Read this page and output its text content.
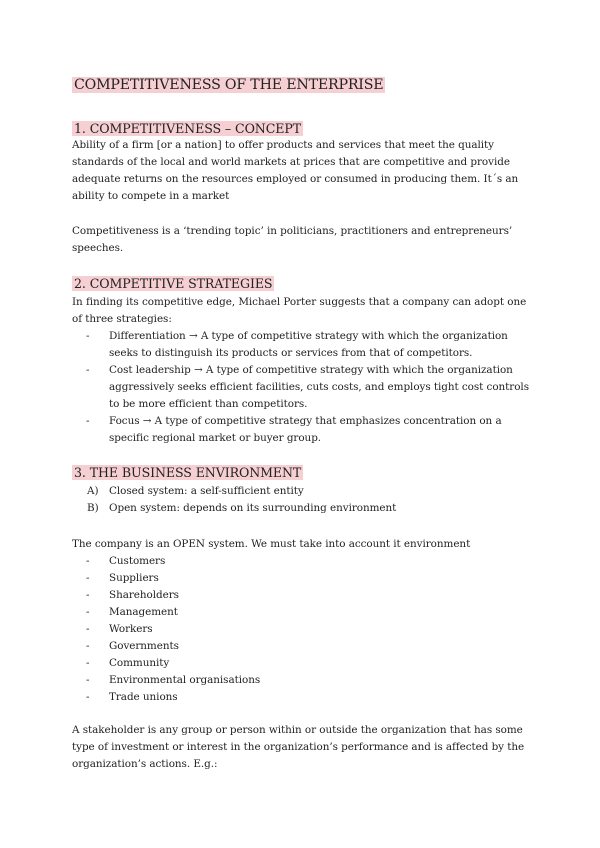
COMPETITIVENESS OF THE ENTERPRISE
1. COMPETITIVENESS – CONCEPT
Ability of a firm [or a nation] to offer products and services that meet the quality standards of the local and world markets at prices that are competitive and provide adequate returns on the resources employed or consumed in producing them. It´s an ability to compete in a market
Competitiveness is a ‘trending topic’ in politicians, practitioners and entrepreneurs’ speeches.
2. COMPETITIVE STRATEGIES
In finding its competitive edge, Michael Porter suggests that a company can adopt one of three strategies:
-	Differentiation → A type of competitive strategy with which the organization seeks to distinguish its products or services from that of competitors.
-	Cost leadership → A type of competitive strategy with which the organization aggressively seeks efficient facilities, cuts costs, and employs tight cost controls to be more efficient than competitors.
-	Focus → A type of competitive strategy that emphasizes concentration on a specific regional market or buyer group.
3. THE BUSINESS ENVIRONMENT
A)	Closed system: a self-sufficient entity
B)	Open system: depends on its surrounding environment
The company is an OPEN system. We must take into account it environment
-	Customers
-	Suppliers
-	Shareholders
-	Management
-	Workers
-	Governments
-	Community
-	Environmental organisations
-	Trade unions
A stakeholder is any group or person within or outside the organization that has some type of investment or interest in the organization’s performance and is affected by the organization’s actions. E.g.:
